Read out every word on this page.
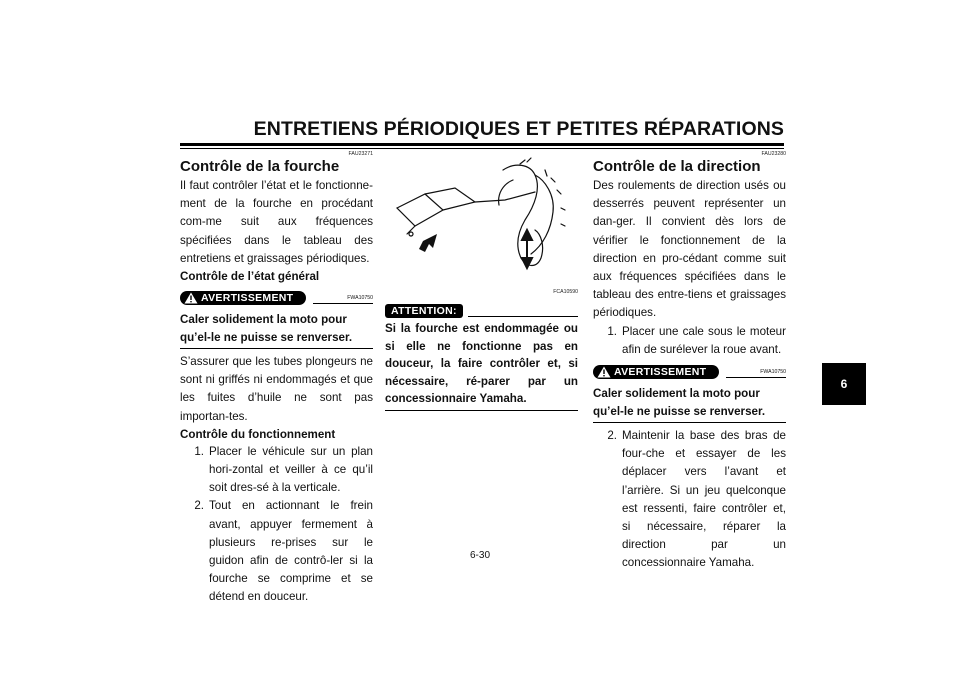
ENTRETIENS PÉRIODIQUES ET PETITES RÉPARATIONS
FAU23271
Contrôle de la fourche
Il faut contrôler l’état et le fonctionne-ment de la fourche en procédant com-me suit aux fréquences spécifiées dans le tableau des entretiens et graissages périodiques.
Contrôle de l’état général
AVERTISSEMENT	FWA10750
Caler solidement la moto pour qu’el-le ne puisse se renverser.
S’assurer que les tubes plongeurs ne sont ni griffés ni endommagés et que les fuites d’huile ne sont pas importan-tes.
Contrôle du fonctionnement
1. Placer le véhicule sur un plan hori-zontal et veiller à ce qu’il soit dres-sé à la verticale.
2. Tout en actionnant le frein avant, appuyer fermement à plusieurs re-prises sur le guidon afin de contrô-ler si la fourche se comprime et se détend en douceur.
FCA10590
ATTENTION:
Si la fourche est endommagée ou si elle ne fonctionne pas en douceur, la faire contrôler et, si nécessaire, ré-parer par un concessionnaire Yamaha.
FAU23280
Contrôle de la direction
Des roulements de direction usés ou desserrés peuvent représenter un dan-ger. Il convient dès lors de vérifier le fonctionnement de la direction en pro-cédant comme suit aux fréquences spécifiées dans le tableau des entre-tiens et graissages périodiques.
1. Placer une cale sous le moteur afin de surélever la roue avant.
AVERTISSEMENT	FWA10750
Caler solidement la moto pour qu’el-le ne puisse se renverser.
2. Maintenir la base des bras de four-che et essayer de les déplacer vers l’avant et l’arrière. Si un jeu quelconque est ressenti, faire contrôler et, si nécessaire, réparer la direction par un concessionnaire Yamaha.
6
6-30
